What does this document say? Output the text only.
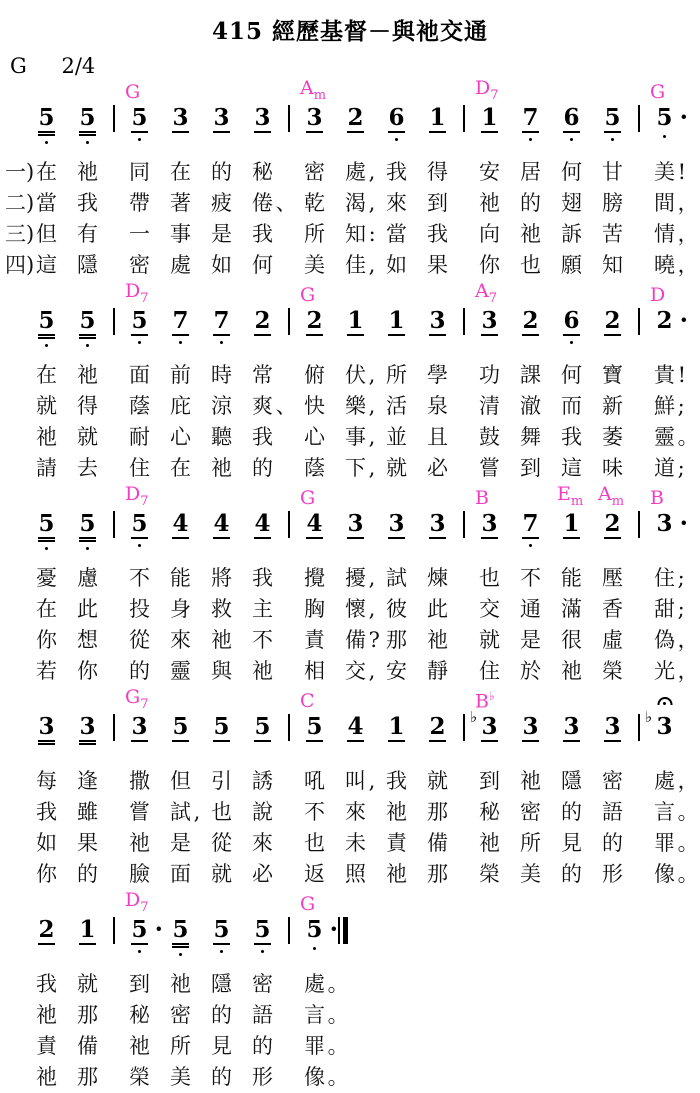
415 經歷基督－與祂交通
G 2/4
5	5
G
5	3	3	3
$A_m$
3	2	6	1
$D_7$
1	7	6	5
G
5 ·
一) 在 祂	同 在 的 秘	密 處 , 我 得	安 居 何 甘	美 !
二) 當 我	帶 著 疲 倦 、 乾 渴 , 來 到	祂 的 翅 膀	間 ，
三) 但 有	一 事 是 我	所 知 : 當 我	向 祂 訴 苦	情 ，
四) 這 隱	密 處 如 何	美 佳 , 如 果	你 也 願 知	曉 ，
5	5
$D_7$
5	7	7	2
G
2	1	1	3
$A_7$
3	2	6	2
D
2 ·
在 祂	面 前 時 常	俯 伏 , 所 學	功 課 何 寶	貴 !
就 得	蔭 庇 涼 爽 、 快 樂 , 活 泉	清 澈 而 新	鮮 ;
祂 就	耐 心 聽 我	心 事 , 並 且	鼓 舞 我 萎	靈 。
請 去	住 在 祂 的	蔭 下 , 就 必	嘗 到 這 味	道 ;
5	5
$D_7$
5	4	4	4
G
4	3	3	3
B
3	7
$E_m$
1
$A_m$
2
B
3 ·
憂 慮	不 能 將 我	攪 擾 , 試 煉	也 不 能 壓	住 ;
在 此	投 身 救 主	胸 懷 , 彼 此	交 通 滿 香	甜 ;
你 想	從 來 祂 不	責 備 ? 那 祂	就 是 很 虛	偽 ，
若 你	的 靈 與 祂	相 交 , 安 靜	住 於 祂 榮	光 ，
3	3
$G_7$
3	5	5	5
C
5	4	1	2
B♭
♭ 3	3	3	3	♭ 3
每 逢	撒 但 引 誘	吼 叫 , 我 就	到 祂 隱 密	處 ，
我 雖	嘗 試 , 也 說	不 來 祂 那	秘 密 的 語	言 。
如 果	祂 是 從 來	也 未 責 備	祂 所 見 的	罪 。
你 的	臉 面 就 必	返 照 祂 那	榮 美 的 形	像 。
2	1
$D_7$
5 · 5	5	5
G
5 ·
我 就	到 祂 隱 密	處 。
祂 那	秘 密 的 語	言 。
責 備	祂 所 見 的	罪 。
祂 那	榮 美 的 形	像 。
